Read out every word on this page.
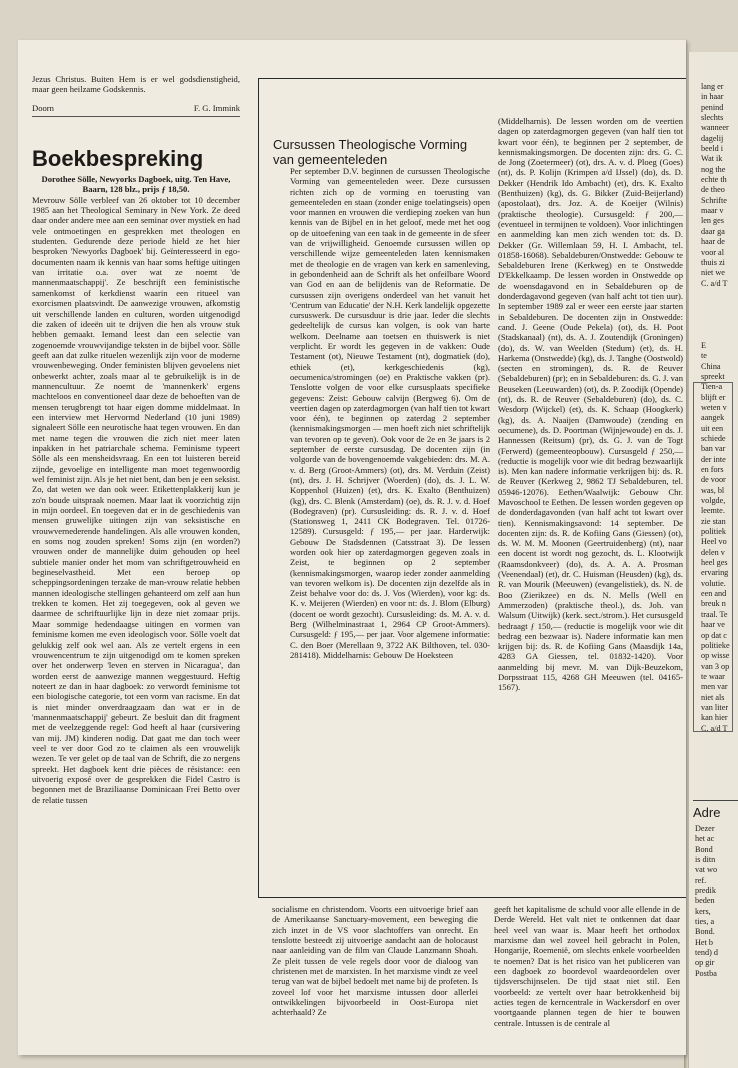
Jezus Christus. Buiten Hem is er wel godsdienstigheid, maar geen heilzame Godskennis.

Doorn	F. G. Immink
Boekbespreking

Dorothee Sölle, Newyorks Dagboek, uitg. Ten Have, Baarn, 128 blz., prijs ƒ 18,50.

Mevrouw Sölle verbleef van 26 oktober tot 10 december 1985 aan het Theological Seminary in New York. Ze deed daar onder andere mee aan een seminar over mystiek en had vele ontmoetingen en gesprekken met theologen en studenten. Gedurende deze periode hield ze het hier besproken 'Newyorks Dagboek' bij. Geïnteresseerd in ego-documenten naam ik kennis van haar soms heftige uitingen van irritatie o.a. over wat ze noemt 'de mannenmaatschappij'. Ze beschrijft een feministische samenkomst of kerkdienst waarin een ritueel van exorcismen plaatsvindt. De aanwezige vrouwen, afkomstig uit verschillende landen en culturen, worden uitgenodigd die zaken of ideeën uit te drijven die hen als vrouw stuk hebben gemaakt. Iemand leest dan een selectie van zogenoemde vrouwvijandige teksten in de bijbel voor. Sölle geeft aan dat zulke rituelen wezenlijk zijn voor de moderne vrouwenbeweging. Onder feministen blijven gevoelens niet onbewerkt achter, zoals maar al te gebruikelijk is in de mannencultuur. Ze noemt de 'mannenkerk' ergens machteloos en conventioneel daar deze de behoeften van de mensen terugbrengt tot haar eigen domme middelmaat. In een interview met Hervormd Nederland (10 juni 1989) signaleert Sölle een neurotische haat tegen vrouwen. En dan met name tegen die vrouwen die zich niet meer laten inpakken in het patriarchale schema. Feminisme typeert Sölle als een mensheidsvraag. En een tot luisteren bereid zijnde, gevoelige en intelligente man moet tegenwoordig wel feminist zijn. Als je het niet bent, dan ben je een seksist. Zo, dat weten we dan ook weer. Etikettenplakkerij kun je zo'n boude uitspraak noemen. Maar laat ik voorzichtig zijn in mijn oordeel. En toegeven dat er in de geschiedenis van mensen gruwelijke uitingen zijn van seksistische en vrouwvernederende handelingen. Als alle vrouwen konden, en soms nog zouden spreken! Soms zijn (en worden?) vrouwen onder de mannelijke duim gehouden op heel subtiele manier onder het mom van schriftgetrouwheid en begineselvastheid. Met een beroep op scheppingsordeningen terzake de man-vrouw relatie hebben mannen ideologische stellingen gehanteerd om zelf aan hun trekken te komen. Het zij toegegeven, ook al geven we daarmee de schriftuurlijke lijn in deze niet zomaar prijs. Maar sommige hedendaagse uitingen en vormen van feminisme komen me even ideologisch voor. Sölle voelt dat gelukkig zelf ook wel aan. Als ze vertelt ergens in een vrouwencentrum te zijn uitgenodigd om te komen spreken over het onderwerp 'leven en sterven in Nicaragua', dan worden eerst de aanwezige mannen weggestuurd. Heftig noteert ze dan in haar dagboek: zo verwordt feminisme tot een biologische categorie, tot een vorm van racisme. En dat is niet minder onverdraagzaam dan wat er in de 'mannenmaatschappij' gebeurt. Ze besluit dan dit fragment met de veelzeggende regel: God heeft al haar (cursivering van mij. JM) kinderen nodig. Dat gaat me dan toch weer veel te ver door God zo te claimen als een vrouwelijk wezen. Te ver gelet op de taal van de Schrift, die zo nergens spreekt. Het dagboek kent drie pièces de résistance: een uitvoerig exposé over de gesprekken die Fidel Castro is begonnen met de Braziliaanse Dominicaan Frei Betto over de relatie tussen

Cursussen Theologische Vorming van gemeenteleden
Per september D.V. beginnen de cursussen Theologische Vorming van gemeenteleden weer. Deze cursussen richten zich op de vorming en toerusting van gemeenteleden en staan (zonder enige toelatingseis) open voor mannen en vrouwen die verdieping zoeken van hun kennis van de Bijbel en in het geloof, mede met het oog op de uitoefening van een taak in de gemeente in de sfeer van de vrijwilligheid. Genoemde cursussen willen op verschillende wijze gemeenteleden laten kennismaken met de theologie en de vragen van kerk en samenleving, in gebondenheid aan de Schrift als het onfeilbare Woord van God en aan de belijdenis van de Reformatie. De cursussen zijn overigens onderdeel van het vanuit het 'Centrum van Educatie' der N.H. Kerk landelijk opgezette cursuswerk. De cursusduur is drie jaar. Ieder die slechts gedeeltelijk de cursus kan volgen, is ook van harte welkom. Deelname aan toetsen en thuiswerk is niet verplicht. Er wordt les gegeven in de vakken: Oude Testament (ot), Nieuwe Testament (nt), dogmatiek (do), ethiek (et), kerkgeschiedenis (kg), oecumenica/stromingen (oe) en Praktische vakken (pr). Tenslotte volgen de voor elke cursusplaats specifieke gegevens: Zeist: Gebouw calvijn (Bergweg 6). Om de veertien dagen op zaterdagmorgen (van half tien tot kwart voor één), te beginnen op zaterdag 2 september (kennismakingsmorgen — men hoeft zich niet schriftelijk van tevoren op te geven). Ook voor de 2e en 3e jaars is 2 september de eerste cursusdag. De docenten zijn (in volgorde van de bovengenoemde vakgebieden: drs. M. A. v. d. Berg (Groot-Ammers) (ot), drs. M. Verduin (Zeist) (nt), drs. J. H. Schrijver (Woerden) (do), ds. J. L. W. Koppenhol (Huizen) (et), drs. K. Exalto (Benthuizen) (kg), drs. C. Blenk (Amsterdam) (oe), ds. R. J. v. d. Hoef (Bodegraven) (pr). Cursusleiding: ds. R. J. v. d. Hoef (Stationsweg 1, 2411 CK Bodegraven. Tel. 01726-12589). Cursusgeld: ƒ 195,— per jaar. Harderwijk: Gebouw De Stadsdennen (Catsstraat 3). De lessen worden ook hier op zaterdagmorgen gegeven zoals in Zeist, te beginnen op 2 september (kennismakingsmorgen, waarop ieder zonder aanmelding van tevoren welkom is). De docenten zijn dezelfde als in Zeist behalve voor do: ds. J. Vos (Wierden), voor kg: ds. K. v. Meijeren (Wierden) en voor nt: ds. J. Blom (Elburg) (docent oe wordt gezocht). Cursusleiding: ds. M. A. v. d. Berg (Wilhelminastraat 1, 2964 CP Groot-Ammers). Cursusgeld: ƒ 195,— per jaar. Voor algemene informatie: C. den Boer (Merellaan 9, 3722 AK Bilthoven, tel. 030-281418). Middelharnis: Gebouw De Hoeksteen
(Middelharnis). De lessen worden om de veertien dagen op zaterdagmorgen gegeven (van half tien tot kwart voor één), te beginnen per 2 september, de kennismakingsmorgen. De docenten zijn: drs. G. C. de Jong (Zoetermeer) (ot), drs. A. v. d. Ploeg (Goes) (nt), ds. P. Kolijn (Krimpen a/d IJssel) (do), ds. D. Dekker (Hendrik Ido Ambacht) (et), drs. K. Exalto (Benthuizen) (kg), ds. G. Bikker (Zuid-Beijerland) (apostolaat), drs. Joz. A. de Koeijer (Wilnis) (praktische theologie). Cursusgeld: ƒ 200,— (eventueel in termijnen te voldoen). Voor inlichtingen en aanmelding kan men zich wenden tot: ds. D. Dekker (Gr. Willemlaan 59, H. I. Ambacht, tel. 01858-16068). Sebaldeburen/Onstwedde: Gebouw te Sebaldeburen Irene (Kerkweg) en te Onstwedde D'Ekkelkaamp. De lessen worden in Onstwedde op de woensdagavond en in Sebaldeburen op de donderdagavond gegeven (van half acht tot tien uur). In september 1989 zal er weer een eerste jaar starten in Sebaldeburen. De docenten zijn in Onstwedde: cand. J. Geene (Oude Pekela) (ot), ds. H. Poot (Stadskanaal) (nt), ds. A. J. Zoutendijk (Groningen) (do), ds. W. van Weelden (Stedum) (et), ds. H. Harkema (Onstwedde) (kg), ds. J. Tanghe (Oostwold) (secten en stromingen), ds. R. de Reuver (Sebaldeburen) (pr); en in Sebaldeburen: ds. G. J. van Beuseken (Leeuwarden) (ot), ds. P. Zoodijk (Opende) (nt), ds. R. de Reuver (Sebaldeburen) (do), ds. C. Wesdorp (Wijckel) (et), ds. K. Schaap (Hoogkerk) (kg), ds. A. Naaijen (Damwoude) (zending en oecumene), ds. D. Poortman (Wijnjewoude) en ds. J. Hannessen (Reitsum) (pr), ds. G. J. van de Togt (Ferwerd) (gemeenteopbouw). Cursusgeld ƒ 250,— (reductie is mogelijk voor wie dit bedrag bezwaarlijk is). Men kan nadere informatie verkrijgen bij: ds. R. de Reuver (Kerkweg 2, 9862 TJ Sebaldeburen, tel. 05946-12076). Eethen/Waalwijk: Gebouw Chr. Mavoschool te Eethen. De lessen worden gegeven op de donderdagavonden (van half acht tot kwart over tien). Kennismakingsavond: 14 september. De docenten zijn: ds. R. de Kofiing Gans (Giessen) (ot), ds. W. M. M. Moonen (Geertruidenberg) (nt), naar een docent ist wordt nog gezocht, ds. L. Klootwijk (Raamsdonkveer) (do), ds. A. A. A. Prosman (Veenendaal) (et), dr. C. Huisman (Heusden) (kg), ds. R. van Mourik (Meeuwen) (evangelistiek), ds. N. de Boo (Zierikzee) en ds. N. Mells (Well en Ammerzoden) (praktische theol.), ds. Joh. van Walsum (Uitwijk) (kerk. sect./strom.). Het cursusgeld bedraagt ƒ 150,— (reductie is mogelijk voor wie dit bedrag een bezwaar is). Nadere informatie kan men krijgen bij: ds. R. de Kofiing Gans (Maasdijk 14a, 4283 GA Giessen, tel. 01832-1420). Voor aanmelding bij mevr. M. van Dijk-Beuzekom, Dorpsstraat 115, 4268 GH Meeuwen (tel. 04165-1567).
socialisme en christendom. Voorts een uitvoerige brief aan de Amerikaanse Sanctuary-movement, een beweging die zich inzet in de VS voor slachtoffers van onrecht. En tenslotte besteedt zij uitvoerige aandacht aan de holocaust naar aanleiding van de film van Claude Lanzmann Shoah. Ze pleit tussen de vele regels door voor de dialoog van christenen met de marxisten. In het marxisme vindt ze veel terug van wat de bijbel bedoelt met name bij de profeten. Is zoveel lof voor het marxisme intussen door allerlei ontwikkelingen bijvoorbeeld in Oost-Europa niet achterhaald? Ze
geeft het kapitalisme de schuld voor alle ellende in de Derde Wereld. Het valt niet te ontkennen dat daar heel veel van waar is. Maar heeft het orthodox marxisme dan wel zoveel heil gebracht in Polen, Hongarije, Roemenië, om slechts enkele voorbeelden te noemen? Dat is het risico van het publiceren van een dagboek zo boordevol waardeoordelen over tijdsverschijnselen. De tijd staat niet stil. Een voorbeeld: ze vertelt over haar betrokkenheid bij acties tegen de kerncentrale in Wackersdorf en over voortgaande plannen tegen de hier te bouwen centrale. Intussen is de centrale al
lang er
in haar
penind
slechts
wanneer
dagelij
beeld i
Wat ik
nog the
echte th
de theo
Schrifte
maar v
len ges
daar ga
haar de
voor al
thuis zi
niet we
C. a/d T
E
te
China
spreekt
Tien-a
blijft er
weten v
aangek
uit een
schiede
ban var
der inte
en fors
de voor
was, bl
volgde,
leemte.
zie stan
politiek
Heel vo
delen v
heel ges
ervaring
volutie.
een and
breuk n
traal. Te
haar ve
op dat c
politieke
op wisse
van 3 op
te waar
men var
niet als
van liter
kan hier
C. a/d T
Adre
Dezer
het ac
Bond
is ditn
vat wo
ref.
predik
beden
kers,
ties, a
Bond.
Het b
tend) d
op gir
Postba
